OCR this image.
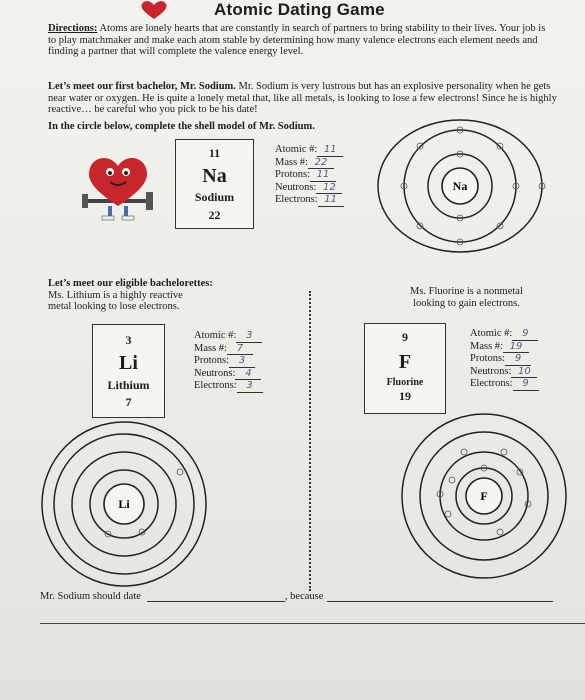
Atomic Dating Game
Directions: Atoms are lonely hearts that are constantly in search of partners to bring stability to their lives. Your job is to play matchmaker and make each atom stable by determining how many valence electrons each element needs and finding a partner that will complete the valence energy level.
Let’s meet our first bachelor, Mr. Sodium. Mr. Sodium is very lustrous but has an explosive personality when he gets near water or oxygen. He is quite a lonely metal that, like all metals, is looking to lose a few electrons! Since he is highly reactive… be careful who you pick to be his date!
In the circle below, complete the shell model of Mr. Sodium.
11
Na
Sodium
22
Atomic #: 11
Mass #: 22
Protons: 11
Neutrons: 12
Electrons: 11
Na
Let’s meet our eligible bachelorettes:
Ms. Lithium is a highly reactive metal looking to lose electrons.
Ms. Fluorine is a nonmetal
looking to gain electrons.
3
Li
Lithium
7
Atomic #: 3
Mass #: 7
Protons: 3
Neutrons: 4
Electrons: 3
Li
9
F
Fluorine
19
Atomic #: 9
Mass #: 19
Protons: 9
Neutrons: 10
Electrons: 9
F
Mr. Sodium should date	, because
